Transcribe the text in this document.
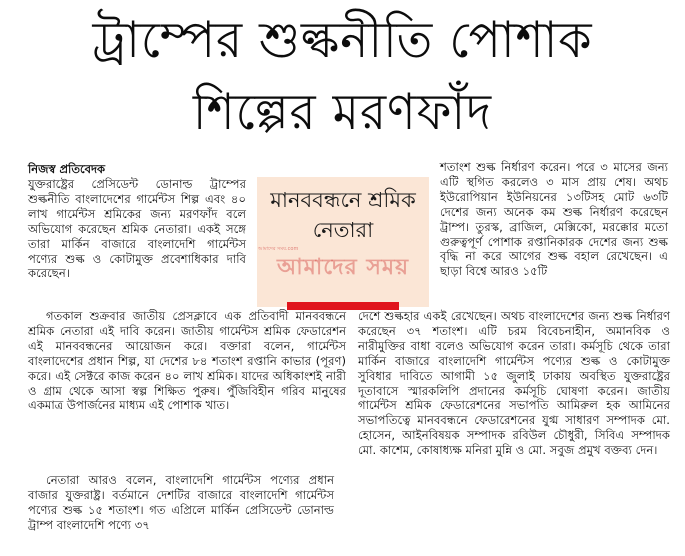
ট্রাম্পের শুল্কনীতি পোশাক
শিল্পের মরণফাঁদ
নিজস্ব প্রতিবেদক

যুক্তরাষ্ট্রের প্রেসিডেন্ট ডোনাল্ড ট্রাম্পের শুল্কনীতি বাংলাদেশের গার্মেন্টস শিল্প এবং ৪০ লাখ গার্মেন্টস শ্রমিকের জন্য মরণফাঁদ বলে অভিযোগ করেছেন শ্রমিক নেতারা। একই সঙ্গে তারা মার্কিন বাজারে বাংলাদেশি গার্মেন্টস পণ্যের শুল্ক ও কোটামুক্ত প্রবেশাধিকার দাবি করেছেন।

মানববন্ধনে শ্রমিক নেতারা
আমাদের সময়.com
আমাদের সময়

শতাংশ শুল্ক নির্ধারণ করেন। পরে ৩ মাসের জন্য এটি স্থগিত করলেও ৩ মাস প্রায় শেষ। অথচ ইউরোপিয়ান ইউনিয়নের ১৩টিসহ মোট ৬৩টি দেশের জন্য অনেক কম শুল্ক নির্ধারণ করেছেন ট্রাম্প। তুরস্ক, ব্রাজিল, মেক্সিকো, মরক্কোর মতো গুরুত্বপূর্ণ পোশাক রপ্তানিকারক দেশের জন্য শুল্ক বৃদ্ধি না করে আগের শুল্ক বহাল রেখেছেন। এ ছাড়া বিশ্বে আরও ১৫টি

গতকাল শুক্রবার জাতীয় প্রেসক্লাবে এক প্রতিবাদী মানববন্ধনে শ্রমিক নেতারা এই দাবি করেন। জাতীয় গার্মেন্টস শ্রমিক ফেডারেশন এই মানববন্ধনের আয়োজন করে। বক্তারা বলেন, গার্মেন্টস বাংলাদেশের প্রধান শিল্প, যা দেশের ৮৪ শতাংশ রপ্তানি কাভার (পূরণ) করে। এই সেক্টরে কাজ করেন ৪০ লাখ শ্রমিক। যাদের অধিকাংশই নারী ও গ্রাম থেকে আসা স্বল্প শিক্ষিত পুরুষ। পুঁজিবিহীন গরিব মানুষের একমাত্র উপার্জনের মাধ্যম এই পোশাক খাত।

নেতারা আরও বলেন, বাংলাদেশি গার্মেন্টস পণ্যের প্রধান বাজার যুক্তরাষ্ট্র। বর্তমানে দেশটির বাজারে বাংলাদেশি গার্মেন্টস পণ্যের শুল্ক ১৫ শতাংশ। গত এপ্রিলে মার্কিন প্রেসিডেন্ট ডোনাল্ড ট্রাম্প বাংলাদেশি পণ্যে ৩৭

দেশে শুল্কহার একই রেখেছেন। অথচ বাংলাদেশের জন্য শুল্ক নির্ধারণ করেছেন ৩৭ শতাংশ। এটি চরম বিবেচনাহীন, অমানবিক ও নারীমুক্তির বাধা বলেও অভিযোগ করেন তারা। কর্মসূচি থেকে তারা মার্কিন বাজারে বাংলাদেশি গার্মেন্টস পণ্যের শুল্ক ও কোটামুক্ত সুবিধার দাবিতে আগামী ১৫ জুলাই ঢাকায় অবস্থিত যুক্তরাষ্ট্রের দূতাবাসে স্মারকলিপি প্রদানের কর্মসূচি ঘোষণা করেন। জাতীয় গার্মেন্টস শ্রমিক ফেডারেশনের সভাপতি আমিরুল হক আমিনের সভাপতিত্বে মানববন্ধনে ফেডারেশনের যুগ্ম সাধারণ সম্পাদক মো. হোসেন, আইনবিষয়ক সম্পাদক রবিউল চৌধুরী, সিবিএ সম্পাদক মো. কাশেম, কোষাধ্যক্ষ মনিরা মুন্নি ও মো. সবুজ প্রমুখ বক্তব্য দেন।
